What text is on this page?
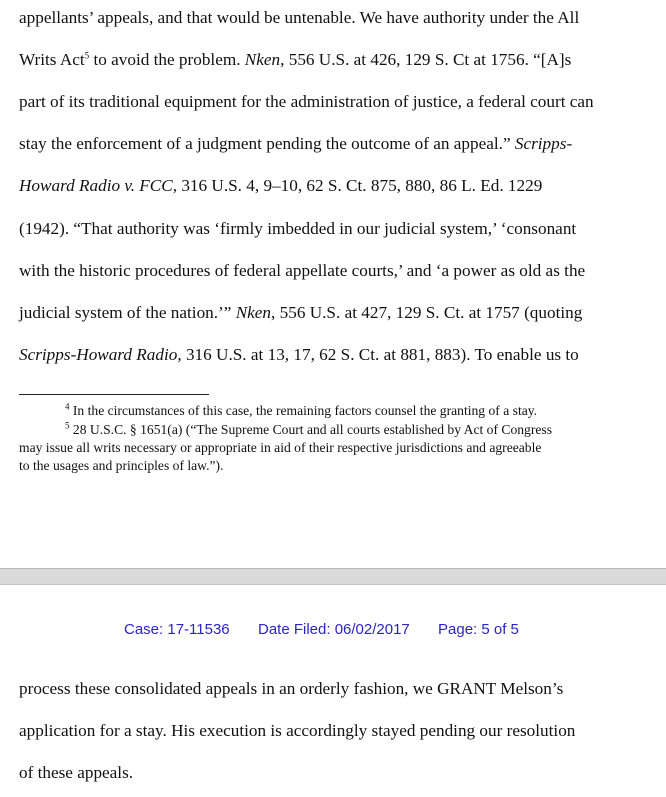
appellants’ appeals, and that would be untenable. We have authority under the All
Writs Act$^5$ to avoid the problem. Nken, 556 U.S. at 426, 129 S. Ct at 1756. “[A]s
part of its traditional equipment for the administration of justice, a federal court can
stay the enforcement of a judgment pending the outcome of an appeal.” Scripps-
Howard Radio v. FCC, 316 U.S. 4, 9–10, 62 S. Ct. 875, 880, 86 L. Ed. 1229
(1942). “That authority was ‘firmly imbedded in our judicial system,’ ‘consonant
with the historic procedures of federal appellate courts,’ and ‘a power as old as the
judicial system of the nation.’” Nken, 556 U.S. at 427, 129 S. Ct. at 1757 (quoting
Scripps-Howard Radio, 316 U.S. at 13, 17, 62 S. Ct. at 881, 883). To enable us to
$^4$ In the circumstances of this case, the remaining factors counsel the granting of a stay.
$^5$ 28 U.S.C. § 1651(a) (“The Supreme Court and all courts established by Act of Congress
may issue all writs necessary or appropriate in aid of their respective jurisdictions and agreeable
to the usages and principles of law.”).
Case: 17-11536 Date Filed: 06/02/2017 Page: 5 of 5
process these consolidated appeals in an orderly fashion, we GRANT Melson’s
application for a stay. His execution is accordingly stayed pending our resolution
of these appeals.
